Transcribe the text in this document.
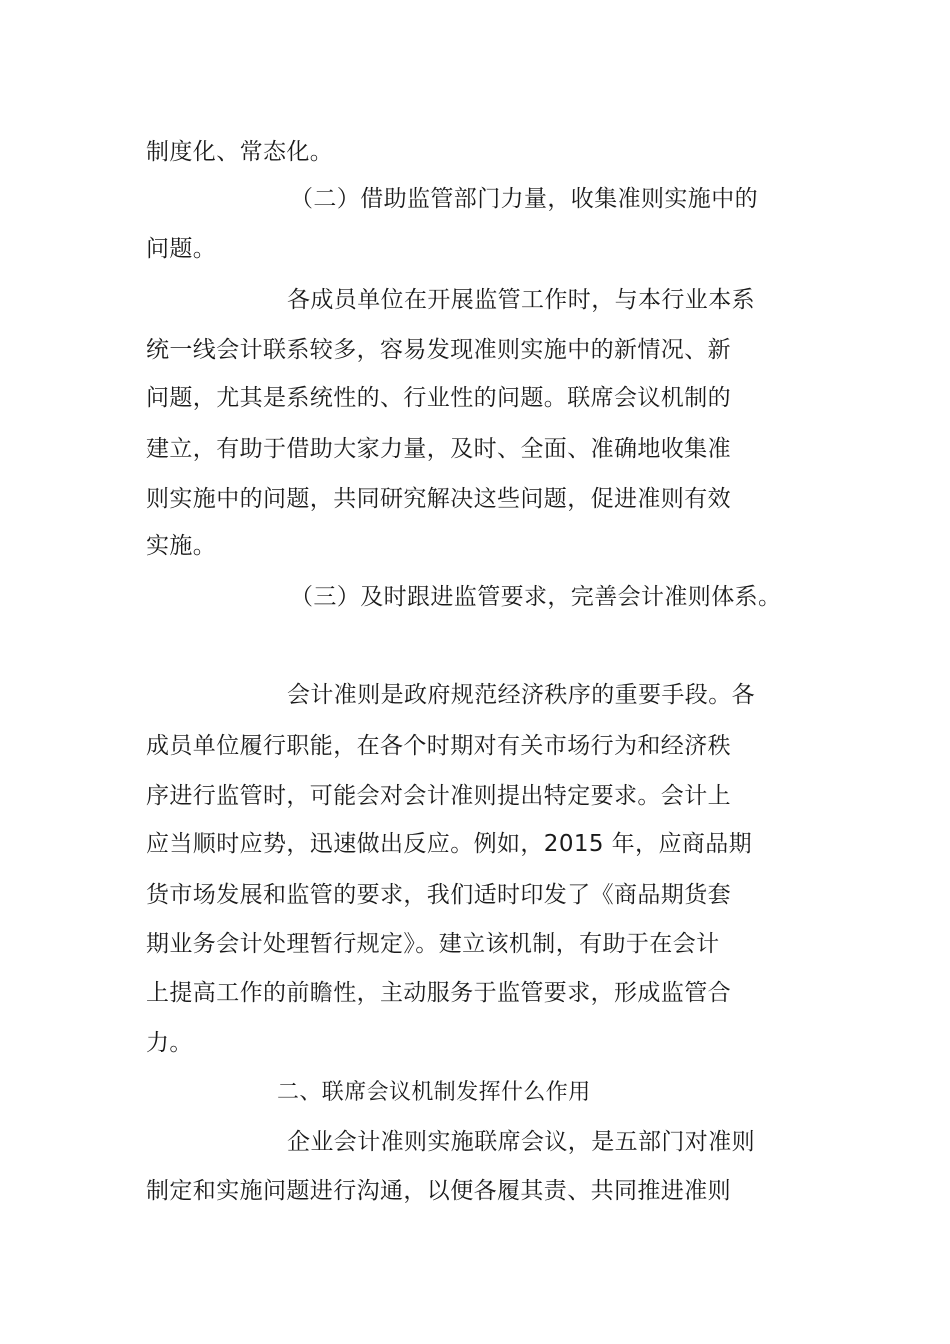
制度化、常态化。
（二）借助监管部门力量，收集准则实施中的
问题。
各成员单位在开展监管工作时，与本行业本系
统一线会计联系较多，容易发现准则实施中的新情况、新
问题，尤其是系统性的、行业性的问题。联席会议机制的
建立，有助于借助大家力量，及时、全面、准确地收集准
则实施中的问题，共同研究解决这些问题，促进准则有效
实施。
（三）及时跟进监管要求，完善会计准则体系。
会计准则是政府规范经济秩序的重要手段。各
成员单位履行职能，在各个时期对有关市场行为和经济秩
序进行监管时，可能会对会计准则提出特定要求。会计上
应当顺时应势，迅速做出反应。例如，2015 年，应商品期
货市场发展和监管的要求，我们适时印发了《商品期货套
期业务会计处理暂行规定》。建立该机制，有助于在会计
上提高工作的前瞻性，主动服务于监管要求，形成监管合
力。
二、联席会议机制发挥什么作用
企业会计准则实施联席会议，是五部门对准则
制定和实施问题进行沟通，以便各履其责、共同推进准则
